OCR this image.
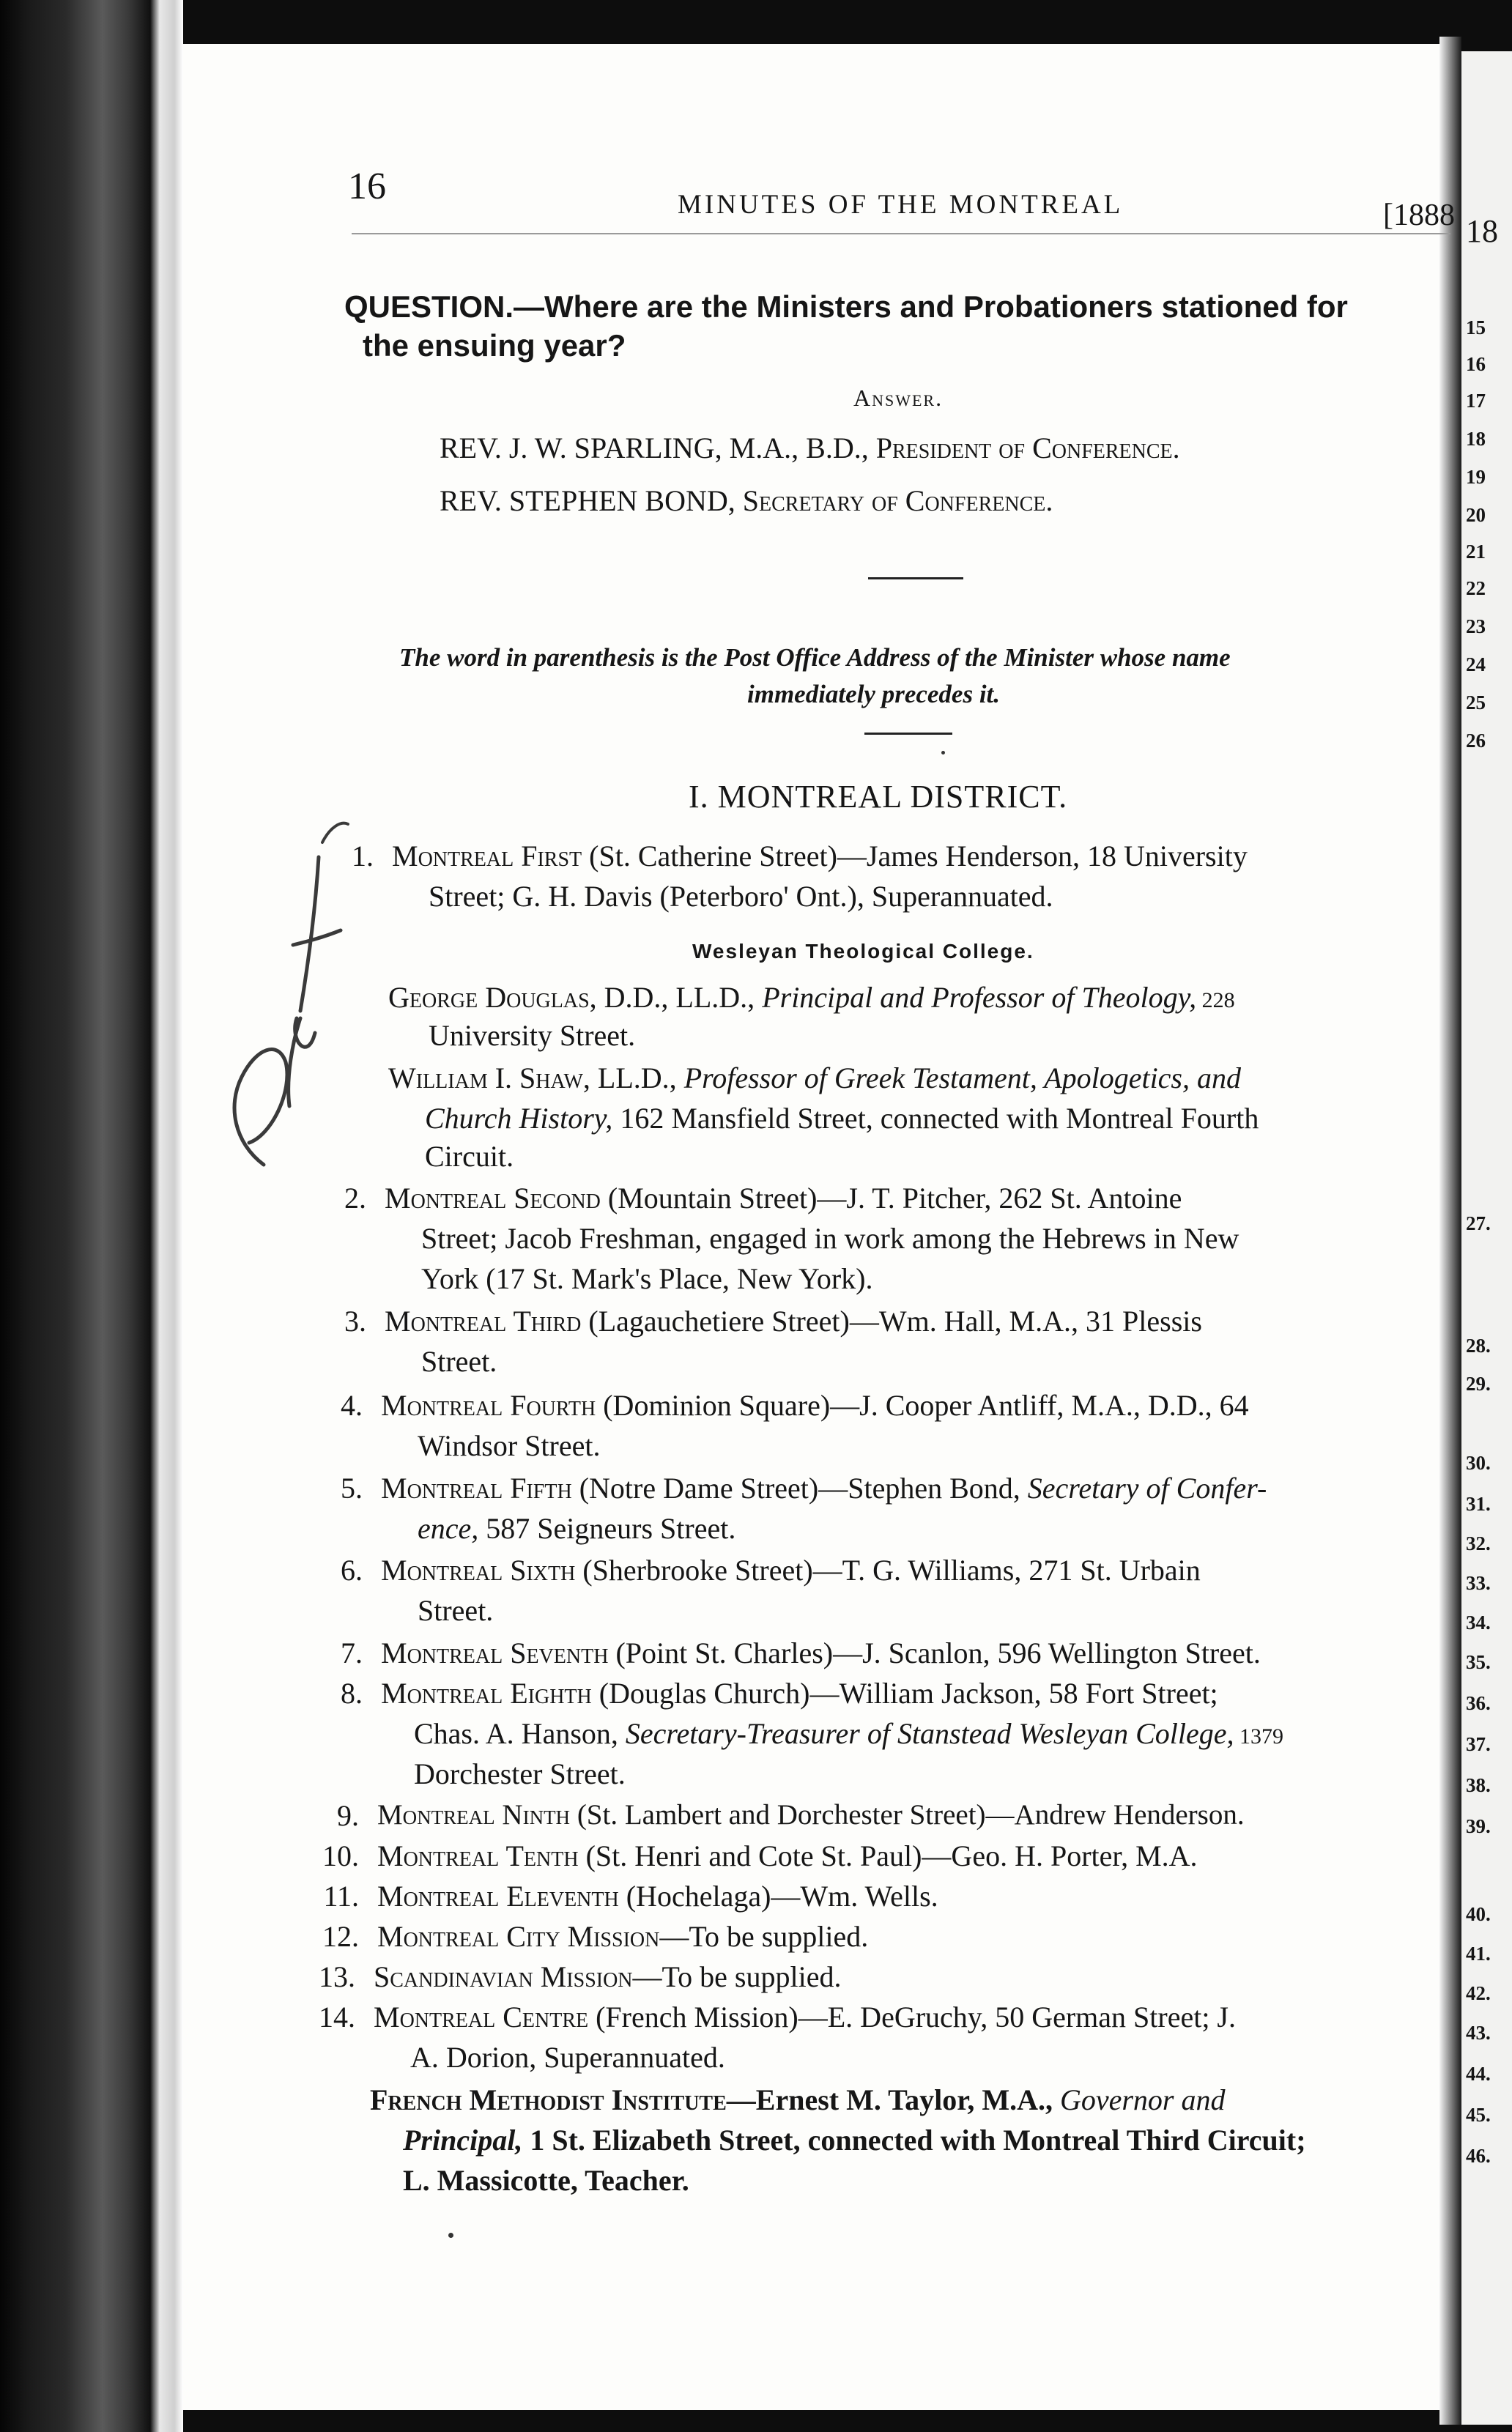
18
15
16
17
18
19
20
21
22
23
24
25
26
27.
28.
29.
30.
31.
32.
33.
34.
35.
36.
37.
38.
39.
40.
41.
42.
43.
44.
45.
46.
16	MINUTES OF THE MONTREAL	[1888
QUESTION.—Where are the Ministers and Probationers stationed for
the ensuing year?
Answer.
REV. J. W. SPARLING, M.A., B.D., President of Conference.
REV. STEPHEN BOND, Secretary of Conference.
The word in parenthesis is the Post Office Address of the Minister whose name
immediately precedes it.
I. MONTREAL DISTRICT.
1. Montreal First (St. Catherine Street)—James Henderson, 18 University
Street; G. H. Davis (Peterboro' Ont.), Superannuated.
Wesleyan Theological College.
George Douglas, D.D., LL.D., Principal and Professor of Theology, 228
University Street.
William I. Shaw, LL.D., Professor of Greek Testament, Apologetics, and
Church History, 162 Mansfield Street, connected with Montreal Fourth
Circuit.
2. Montreal Second (Mountain Street)—J. T. Pitcher, 262 St. Antoine
Street; Jacob Freshman, engaged in work among the Hebrews in New
York (17 St. Mark's Place, New York).
3. Montreal Third (Lagauchetiere Street)—Wm. Hall, M.A., 31 Plessis
Street.
4. Montreal Fourth (Dominion Square)—J. Cooper Antliff, M.A., D.D., 64
Windsor Street.
5. Montreal Fifth (Notre Dame Street)—Stephen Bond, Secretary of Confer-
ence, 587 Seigneurs Street.
6. Montreal Sixth (Sherbrooke Street)—T. G. Williams, 271 St. Urbain
Street.
7. Montreal Seventh (Point St. Charles)—J. Scanlon, 596 Wellington Street.
8. Montreal Eighth (Douglas Church)—William Jackson, 58 Fort Street;
Chas. A. Hanson, Secretary-Treasurer of Stanstead Wesleyan College, 1379
Dorchester Street.
9. Montreal Ninth (St. Lambert and Dorchester Street)—Andrew Henderson.
10. Montreal Tenth (St. Henri and Cote St. Paul)—Geo. H. Porter, M.A.
11. Montreal Eleventh (Hochelaga)—Wm. Wells.
12. Montreal City Mission—To be supplied.
13. Scandinavian Mission—To be supplied.
14. Montreal Centre (French Mission)—E. DeGruchy, 50 German Street; J.
A. Dorion, Superannuated.
French Methodist Institute—Ernest M. Taylor, M.A., Governor and
Principal, 1 St. Elizabeth Street, connected with Montreal Third Circuit;
L. Massicotte, Teacher.
